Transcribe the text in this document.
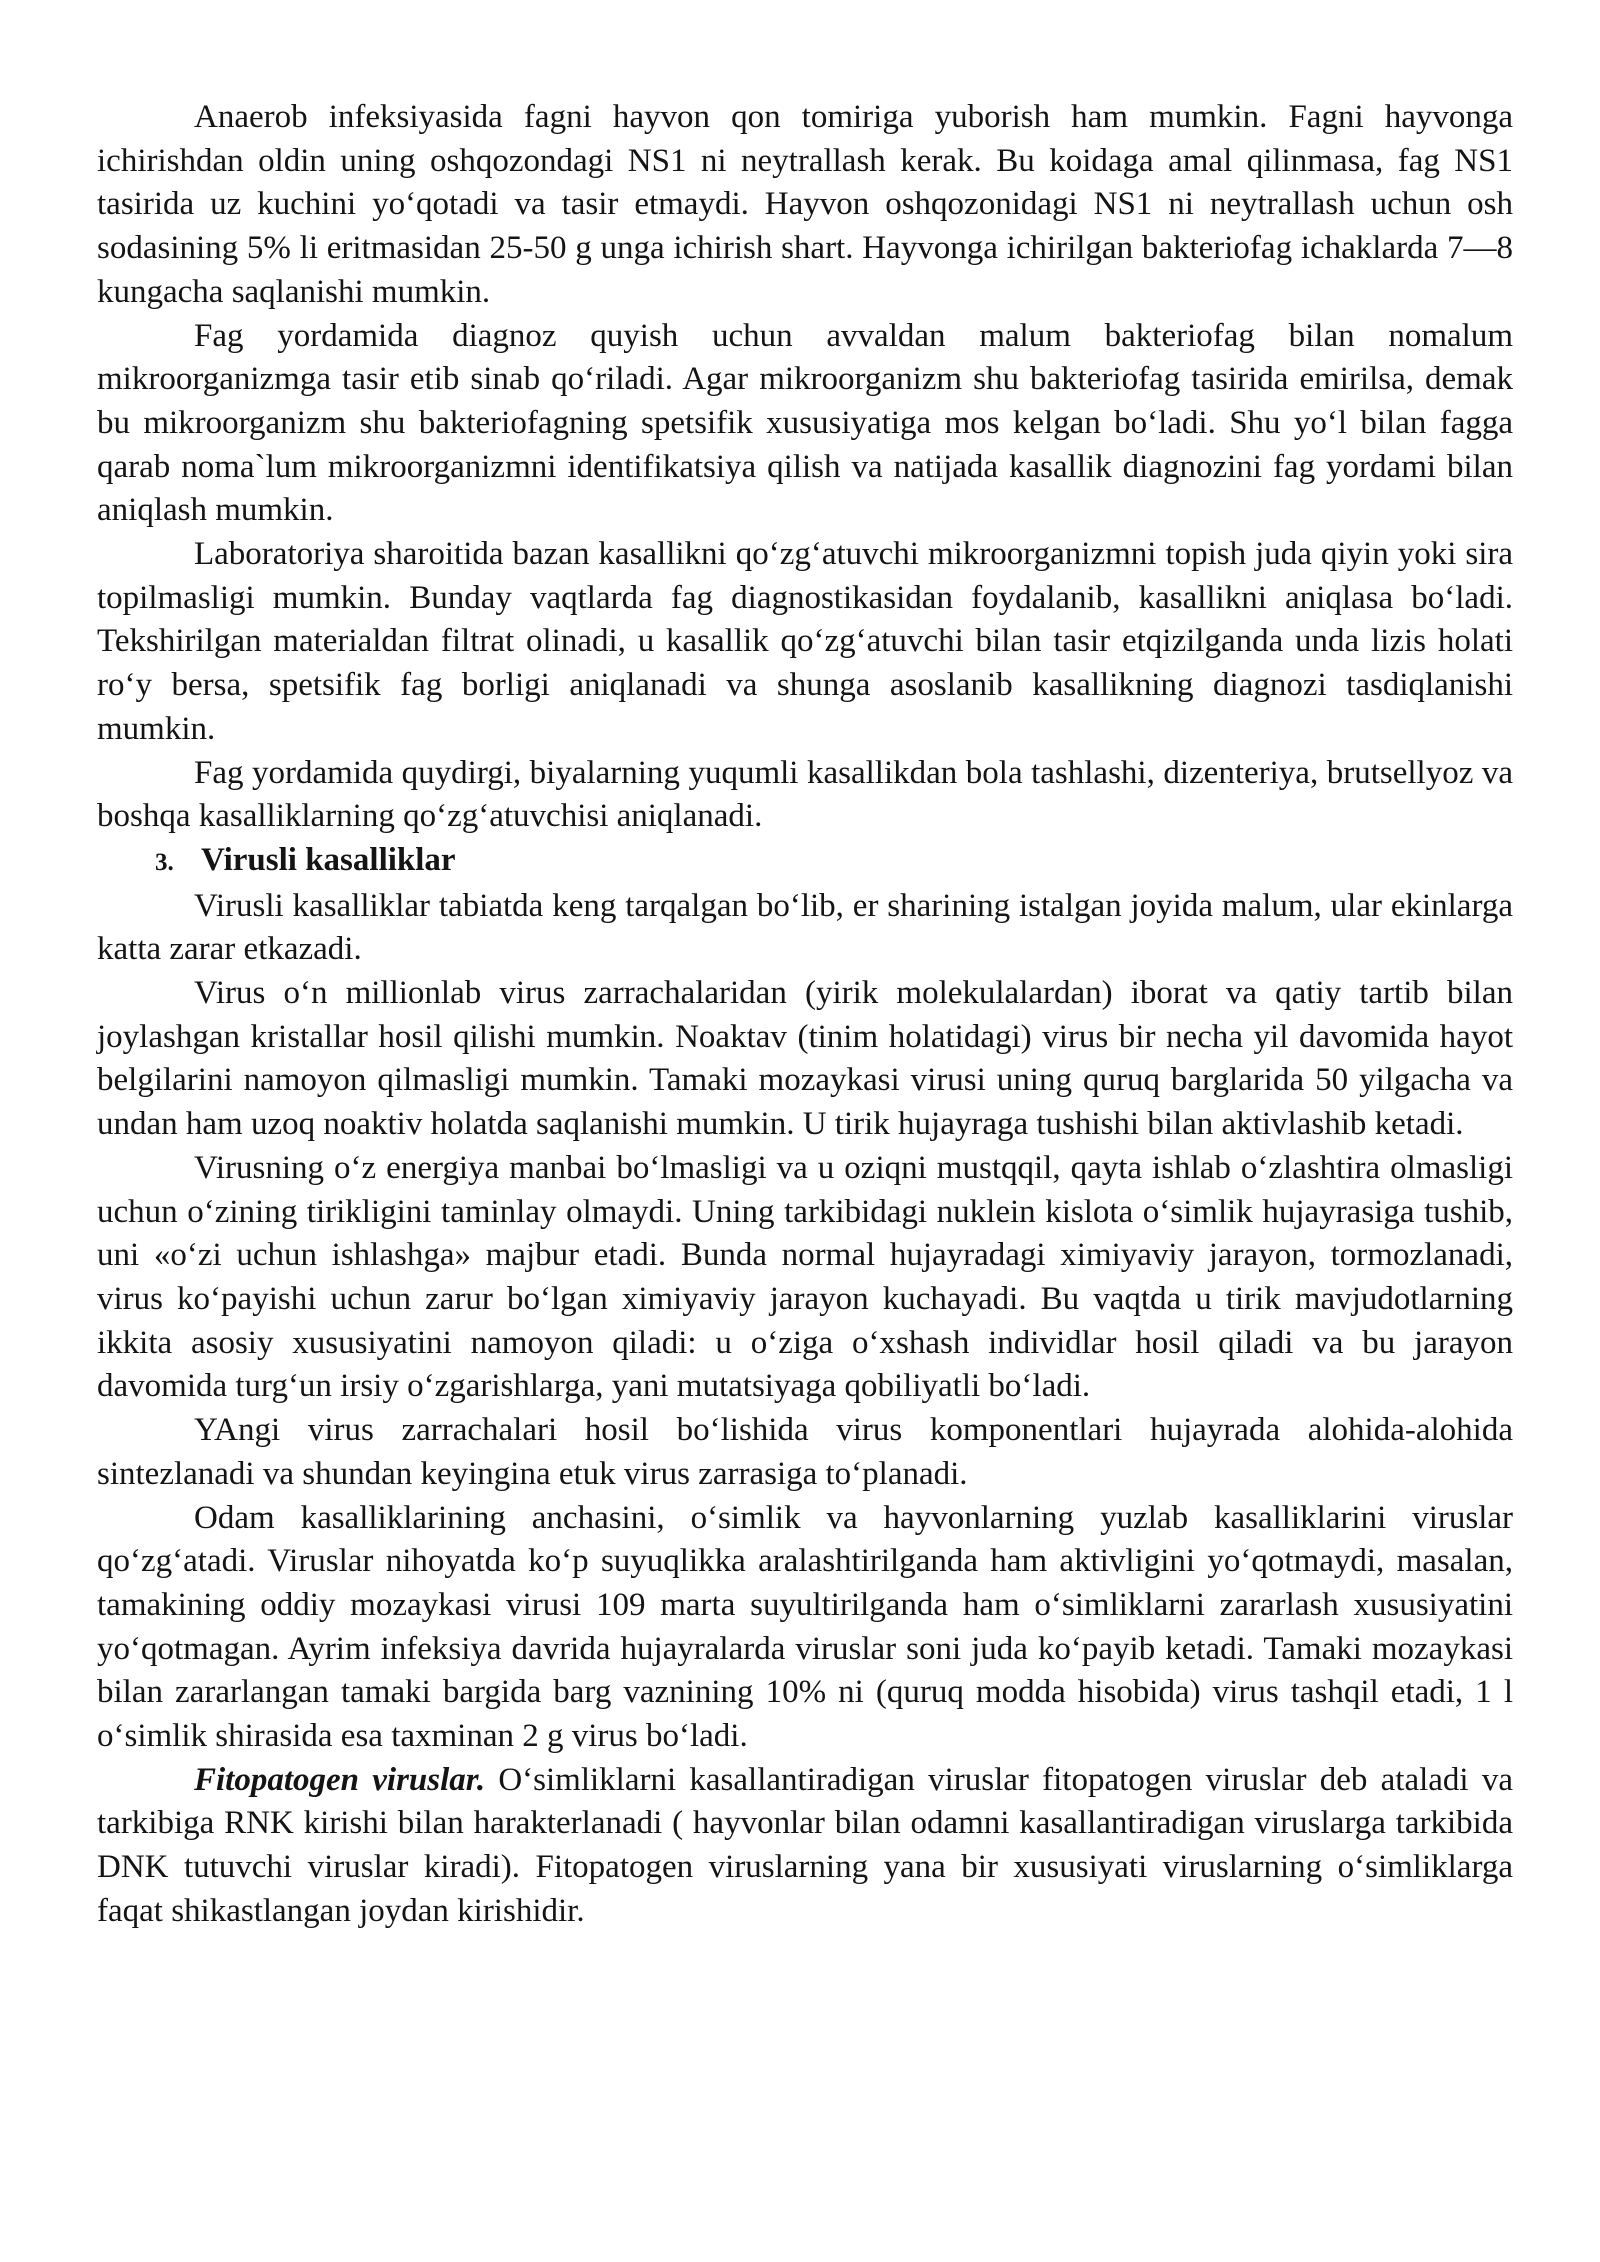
Anaerob infeksiyasida fagni hayvon qon tomiriga yuborish ham mumkin. Fagni hayvonga ichirishdan oldin uning oshqozondagi NS1 ni neytrallash kerak. Bu koidaga amal qilinmasa, fag NS1 tasirida uz kuchini yo‘qotadi va tasir etmaydi. Hayvon oshqozonidagi NS1 ni neytrallash uchun osh sodasining 5% li eritmasidan 25-50 g unga ichirish shart. Hayvonga ichirilgan bakteriofag ichaklarda 7—8 kungacha saqlanishi mumkin.

Fag yordamida diagnoz quyish uchun avvaldan malum bakteriofag bilan nomalum mikroorganizmga tasir etib sinab qo‘riladi. Agar mikroorganizm shu bakteriofag tasirida emirilsa, demak bu mikroorganizm shu bakteriofagning spetsifik xususiyatiga mos kelgan bo‘ladi. Shu yo‘l bilan fagga qarab noma`lum mikroorganizmni identifikatsiya qilish va natijada kasallik diagnozini fag yordami bilan aniqlash mumkin.

Laboratoriya sharoitida bazan kasallikni qo‘zg‘atuvchi mikroorganizmni topish juda qiyin yoki sira topilmasligi mumkin. Bunday vaqtlarda fag diagnostikasidan foydalanib, kasallikni aniqlasa bo‘ladi. Tekshirilgan materialdan filtrat olinadi, u kasallik qo‘zg‘atuvchi bilan tasir etqizilganda unda lizis holati ro‘y bersa, spetsifik fag borligi aniqlanadi va shunga asoslanib kasallikning diagnozi tasdiqlanishi mumkin.

Fag yordamida quydirgi, biyalarning yuqumli kasallikdan bola tashlashi, dizenteriya, brutsellyoz va boshqa kasalliklarning qo‘zg‘atuvchisi aniqlanadi.

3. Virusli kasalliklar

Virusli kasalliklar tabiatda keng tarqalgan bo‘lib, er sharining istalgan joyida malum, ular ekinlarga katta zarar etkazadi.

Virus o‘n millionlab virus zarrachalaridan (yirik molekulalardan) iborat va qatiy tartib bilan joylashgan kristallar hosil qilishi mumkin. Noaktav (tinim holatidagi) virus bir necha yil davomida hayot belgilarini namoyon qilmasligi mumkin. Tamaki mozaykasi virusi uning quruq barglarida 50 yilgacha va undan ham uzoq noaktiv holatda saqlanishi mumkin. U tirik hujayraga tushishi bilan aktivlashib ketadi.

Virusning o‘z energiya manbai bo‘lmasligi va u oziqni mustqqil, qayta ishlab o‘zlashtira olmasligi uchun o‘zining tirikligini taminlay olmaydi. Uning tarkibidagi nuklein kislota o‘simlik hujayrasiga tushib, uni «o‘zi uchun ishlashga» majbur etadi. Bunda normal hujayradagi ximiyaviy jarayon, tormozlanadi, virus ko‘payishi uchun zarur bo‘lgan ximiyaviy jarayon kuchayadi. Bu vaqtda u tirik mavjudotlarning ikkita asosiy xususiyatini namoyon qiladi: u o‘ziga o‘xshash individlar hosil qiladi va bu jarayon davomida turg‘un irsiy o‘zgarishlarga, yani mutatsiyaga qobiliyatli bo‘ladi.

YAngi virus zarrachalari hosil bo‘lishida virus komponentlari hujayrada alohida-alohida sintezlanadi va shundan keyingina etuk virus zarrasiga to‘planadi.

Odam kasalliklarining anchasini, o‘simlik va hayvonlarning yuzlab kasalliklarini viruslar qo‘zg‘atadi. Viruslar nihoyatda ko‘p suyuqlikka aralashtirilganda ham aktivligini yo‘qotmaydi, masalan, tamakining oddiy mozaykasi virusi 109 marta suyultirilganda ham o‘simliklarni zararlash xususiyatini yo‘qotmagan. Ayrim infeksiya davrida hujayralarda viruslar soni juda ko‘payib ketadi. Tamaki mozaykasi bilan zararlangan tamaki bargida barg vaznining 10% ni (quruq modda hisobida) virus tashqil etadi, 1 l o‘simlik shirasida esa taxminan 2 g virus bo‘ladi.

Fitopatogen viruslar. O‘simliklarni kasallantiradigan viruslar fitopatogen viruslar deb ataladi va tarkibiga RNK kirishi bilan harakterlanadi ( hayvonlar bilan odamni kasallantiradigan viruslarga tarkibida DNK tutuvchi viruslar kiradi). Fitopatogen viruslarning yana bir xususiyati viruslarning o‘simliklarga faqat shikastlangan joydan kirishidir.
